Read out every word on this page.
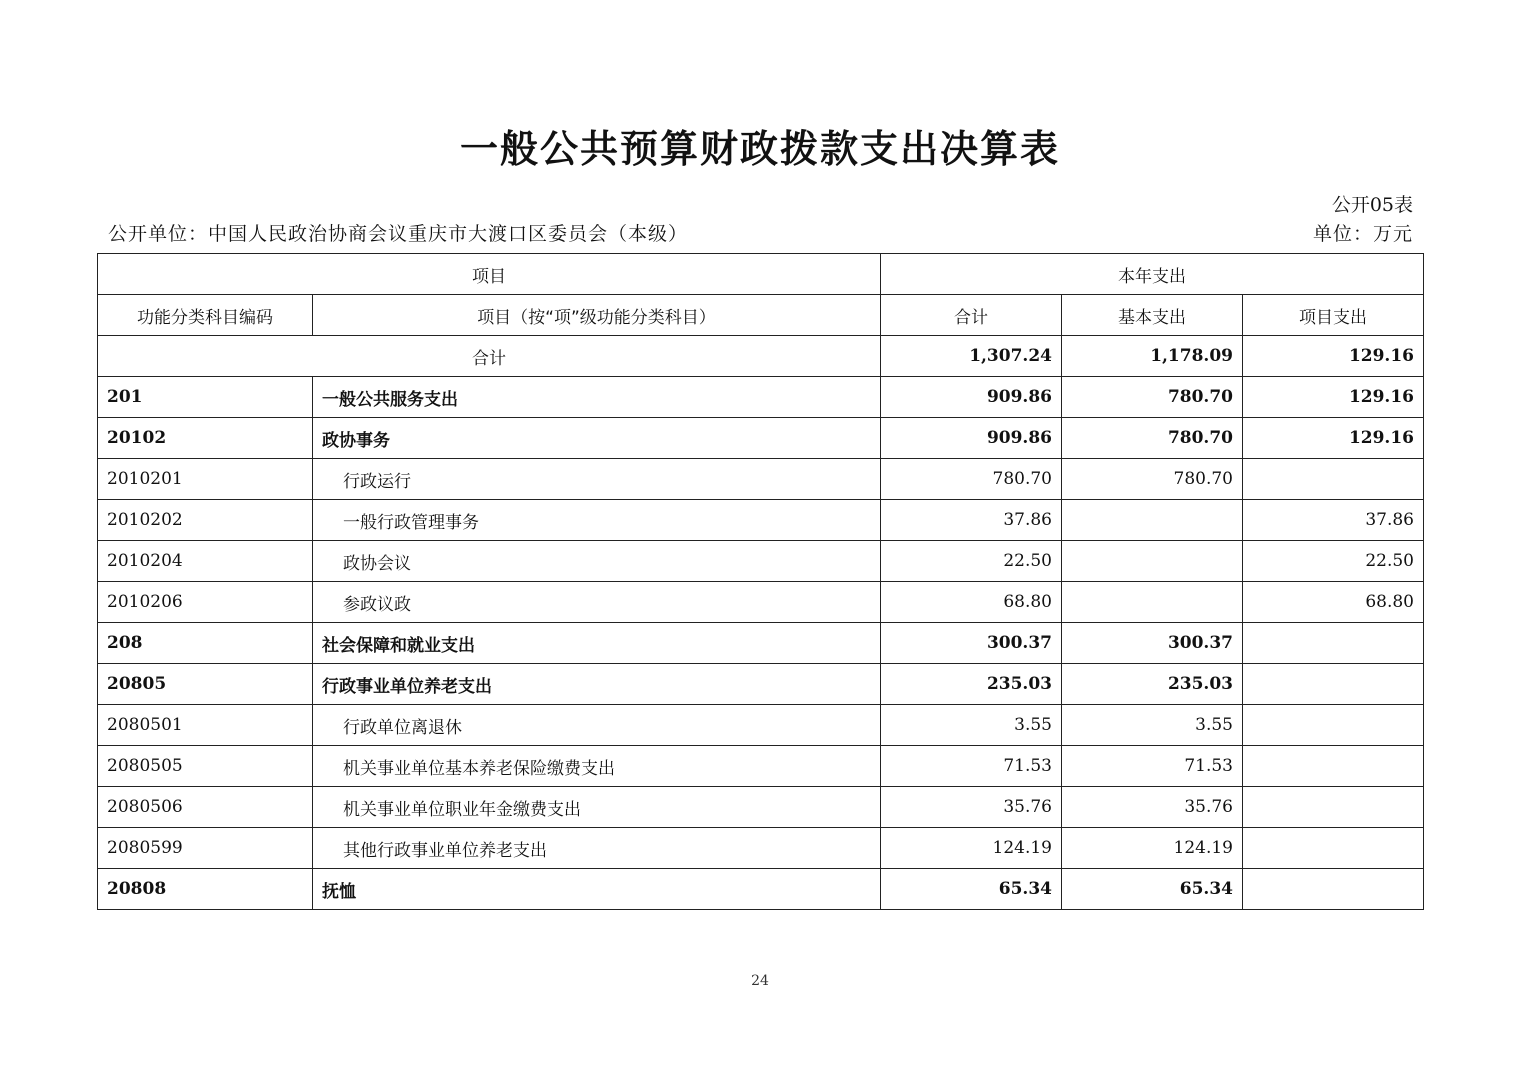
一般公共预算财政拨款支出决算表
公开05表
公开单位：中国人民政治协商会议重庆市大渡口区委员会（本级）	单位：万元
项目		本年支出		
功能分类科目编码	项目（按“项”级功能分类科目）	合计	基本支出	项目支出
合计		1,307.24	1,178.09	129.16
201	一般公共服务支出	909.86	780.70	129.16
20102	政协事务	909.86	780.70	129.16
2010201	行政运行	780.70	780.70	
2010202	一般行政管理事务	37.86		37.86
2010204	政协会议	22.50		22.50
2010206	参政议政	68.80		68.80
208	社会保障和就业支出	300.37	300.37	
20805	行政事业单位养老支出	235.03	235.03	
2080501	行政单位离退休	3.55	3.55	
2080505	机关事业单位基本养老保险缴费支出	71.53	71.53	
2080506	机关事业单位职业年金缴费支出	35.76	35.76	
2080599	其他行政事业单位养老支出	124.19	124.19	
20808	抚恤	65.34	65.34	
24
